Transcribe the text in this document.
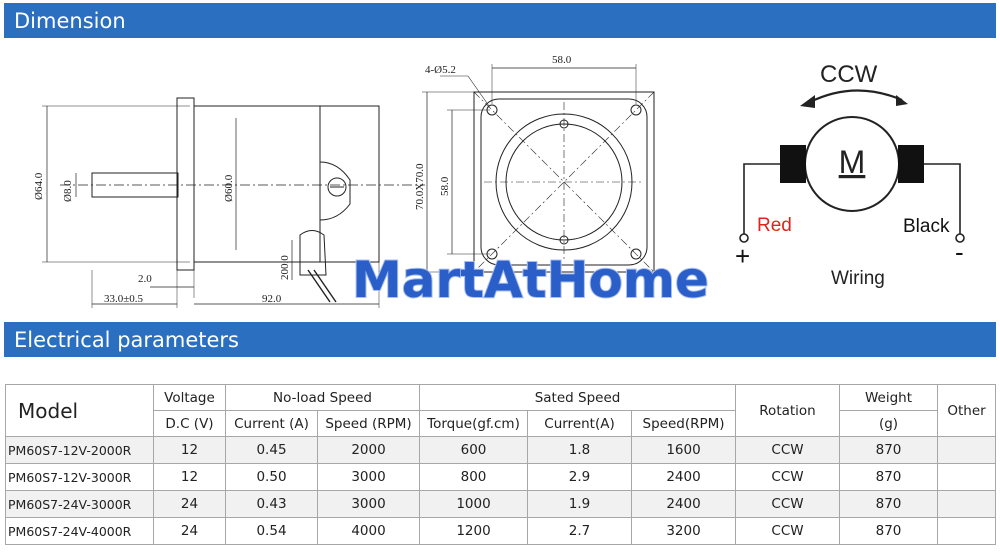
Dimension
Ø64.0 Ø8.0	Ø60.0
2.0
33.0±0.5	92.0
200.0
4-Ø5.2
58.0
70.0X70.0 58.0
MartAtHome
CCW
M
Red	Black
+	-
Wiring
Electrical parameters
Model	Voltage	No-load Speed		Sated Speed			Rotation	Weight	Other
	D.C (V)	Current (A)	Speed (RPM)	Torque(gf.cm)	Current(A)	Speed(RPM)		(g)	
PM60S7-12V-2000R	12	0.45	2000	600	1.8	1600	CCW	870	
PM60S7-12V-3000R	12	0.50	3000	800	2.9	2400	CCW	870	
PM60S7-24V-3000R	24	0.43	3000	1000	1.9	2400	CCW	870	
PM60S7-24V-4000R	24	0.54	4000	1200	2.7	3200	CCW	870	
